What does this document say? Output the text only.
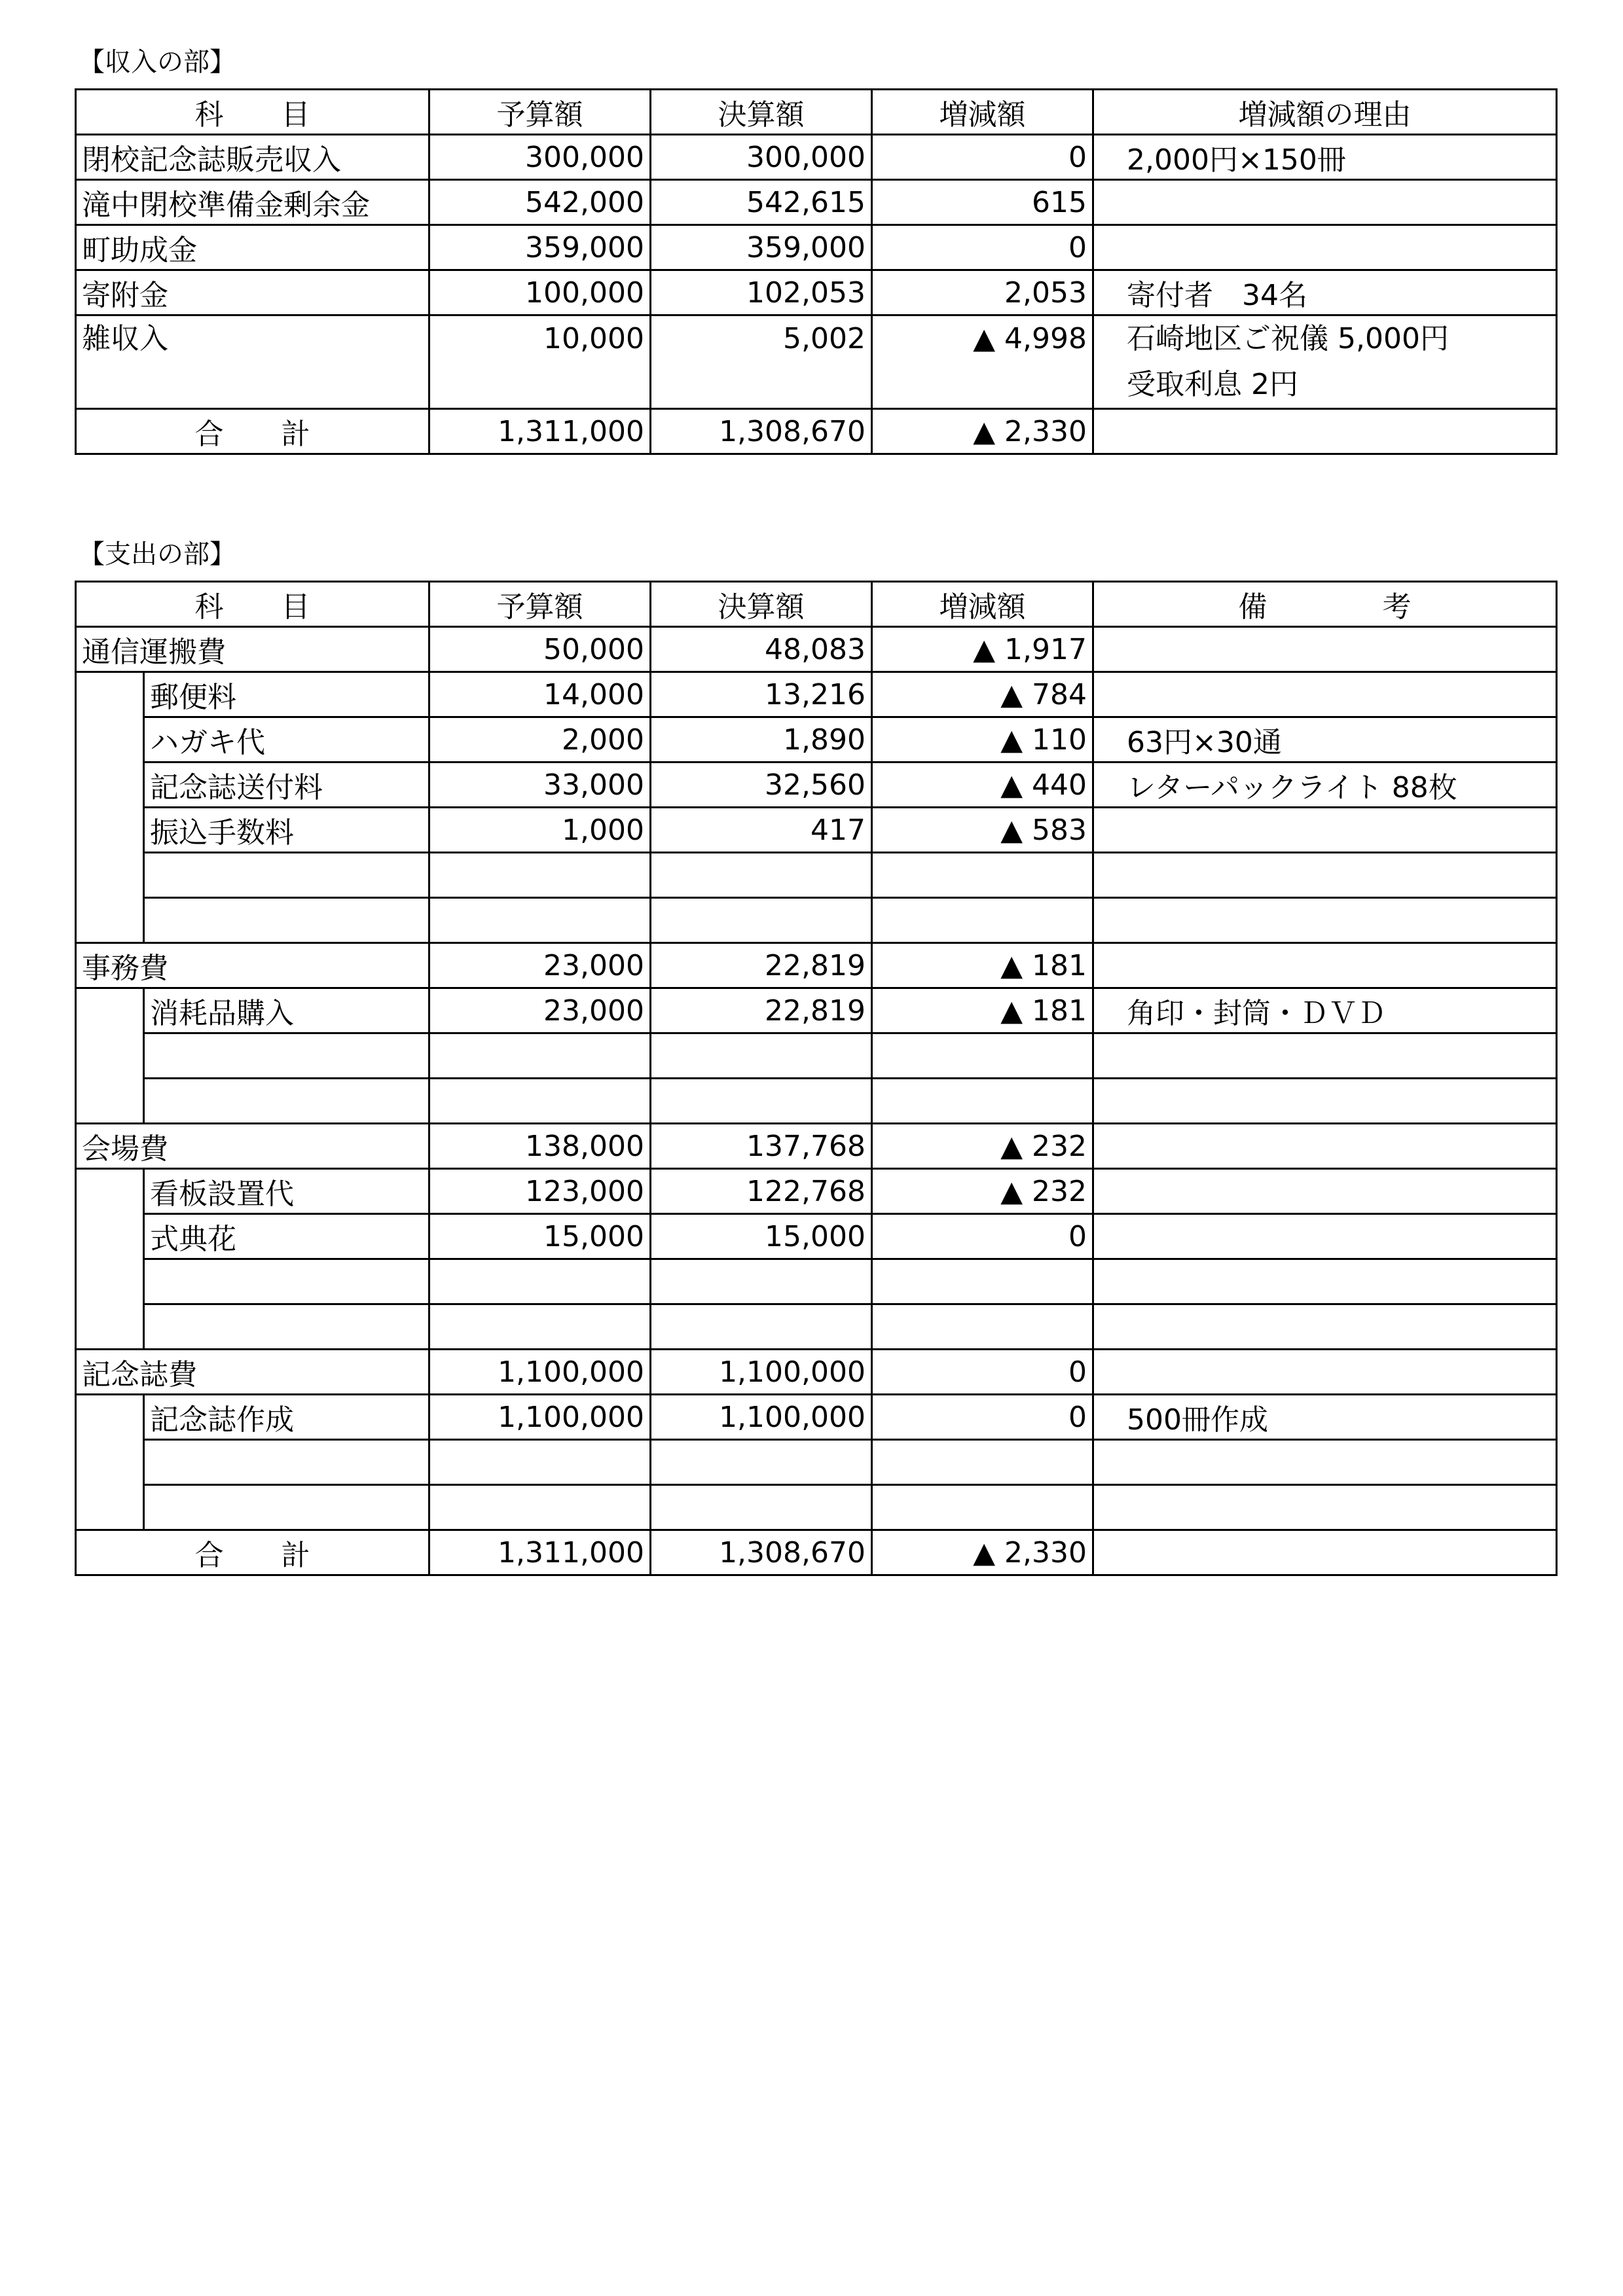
【収入の部】
科　　目	予算額	決算額	増減額	増減額の理由
閉校記念誌販売収入	300,000	300,000	0	2,000円×150冊
滝中閉校準備金剰余金	542,000	542,615	615	
町助成金	359,000	359,000	0	
寄附金	100,000	102,053	2,053	寄付者　34名

雑収入	10,000	5,002	▲ 4,998	石崎地区ご祝儀 5,000円
受取利息 2円

合　　計	1,311,000	1,308,670	▲ 2,330	
【支出の部】
科　　目		予算額	決算額	増減額	備　　　　考
通信運搬費		50,000	48,083	▲ 1,917	
	郵便料	14,000	13,216	▲ 784	
	ハガキ代	2,000	1,890	▲ 110	63円×30通
	記念誌送付料	33,000	32,560	▲ 440	レターパックライト 88枚
	振込手数料	1,000	417	▲ 583	

事務費		23,000	22,819	▲ 181	
	消耗品購入	23,000	22,819	▲ 181	角印・封筒・ＤＶＤ

会場費		138,000	137,768	▲ 232	
	看板設置代	123,000	122,768	▲ 232	
	式典花	15,000	15,000	0	

記念誌費		1,100,000	1,100,000	0	
	記念誌作成	1,100,000	1,100,000	0	500冊作成

合　　計		1,311,000	1,308,670	▲ 2,330	
